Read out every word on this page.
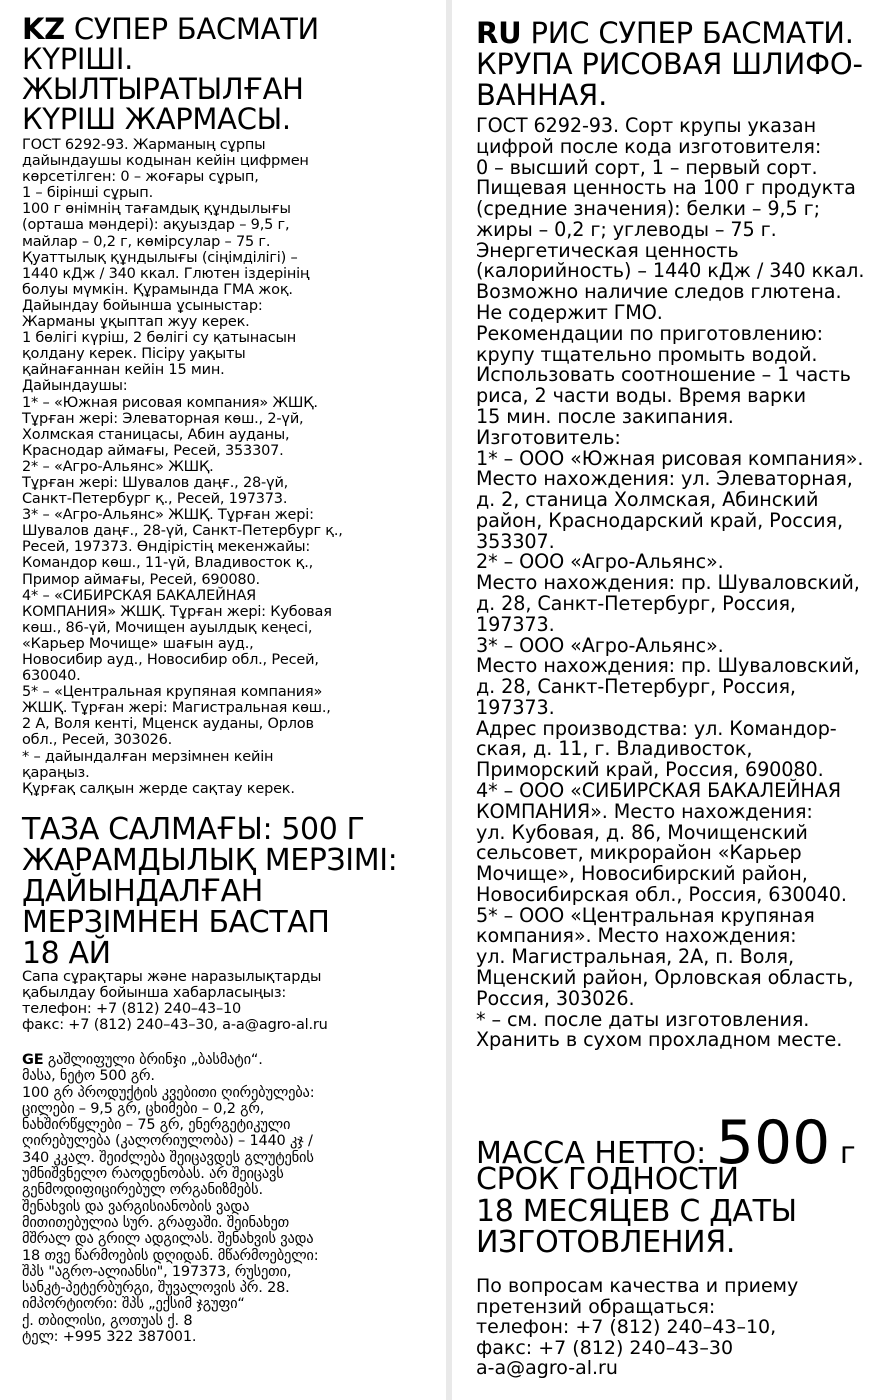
KZ СУПЕР БАСМАТИ
КҮРІШІ.
ЖЫЛТЫРАТЫЛҒАН
КҮРІШ ЖАРМАСЫ.
ГОСТ 6292-93. Жарманың сұрпы
дайындаушы кодынан кейін цифрмен
көрсетілген: 0 – жоғары сұрып,
1 – бірінші сұрып.
100 г өнімнің тағамдық құндылығы
(орташа мәндері): ақуыздар – 9,5 г,
майлар – 0,2 г, көмірсулар – 75 г.
Қуаттылық құндылығы (сіңімділігі) –
1440 кДж / 340 ккал. Глютен іздерінің
болуы мүмкін. Құрамында ГМА жоқ.
Дайындау бойынша ұсыныстар:
Жарманы ұқыптап жуу керек.
1 бөлігі күріш, 2 бөлігі су қатынасын
қолдану керек. Пісіру уақыты
қайнағаннан кейін 15 мин.
Дайындаушы:
1* – «Южная рисовая компания» ЖШҚ.
Тұрған жері: Элеваторная көш., 2-үй,
Холмская станицасы, Абин ауданы,
Краснодар аймағы, Ресей, 353307.
2* – «Агро-Альянс» ЖШҚ.
Тұрған жері: Шувалов даңғ., 28-үй,
Санкт-Петербург қ., Ресей, 197373.
3* – «Агро-Альянс» ЖШҚ. Тұрған жері:
Шувалов даңғ., 28-үй, Санкт-Петербург қ.,
Ресей, 197373. Өндірістің мекенжайы:
Командор көш., 11-үй, Владивосток қ.,
Примор аймағы, Ресей, 690080.
4* – «СИБИРСКАЯ БАКАЛЕЙНАЯ
КОМПАНИЯ» ЖШҚ. Тұрған жері: Кубовая
көш., 86-үй, Мочищен ауылдық кеңесі,
«Карьер Мочище» шағын ауд.,
Новосибир ауд., Новосибир обл., Ресей,
630040.
5* – «Центральная крупяная компания»
ЖШҚ. Тұрған жері: Магистральная көш.,
2 А, Воля кенті, Мценск ауданы, Орлов
обл., Ресей, 303026.
* – дайындалған мерзімнен кейін
қараңыз.
Құрғақ салқын жерде сақтау керек.
ТАЗА САЛМАҒЫ: 500 Г
ЖАРАМДЫЛЫҚ МЕРЗІМІ:
ДАЙЫНДАЛҒАН
МЕРЗІМНЕН БАСТАП
18 АЙ
Сапа сұрақтары және наразылықтарды
қабылдау бойынша хабарласыңыз:
телефон: +7 (812) 240–43–10
факс: +7 (812) 240–43–30, а-а@agro-al.ru
GE გაშლიფული ბრინჯი „ბასმატი“.
მასა, ნეტო 500 გრ.
100 გრ პროდუქტის კვებითი ღირებულება:
ცილები – 9,5 გრ, ცხიმები – 0,2 გრ,
ნახშირწყლები – 75 გრ, ენერგეტიკული
ღირებულება (კალორიულობა) – 1440 კჯ /
340 კკალ. შეიძლება შეიცავდეს გლუტენის
უმნიშვნელო რაოდენობას. არ შეიცავს
გენმოდიფიცირებულ ორგანიზმებს.
შენახვის და ვარგისიანობის ვადა
მითითებულია სურ. გრაფაში. შეინახეთ
მშრალ და გრილ ადგილას. შენახვის ვადა
18 თვე წარმოების დღიდან. მწარმოებელი:
შპს "აგრო-ალიანსი", 197373, რუსეთი,
სანკტ-პეტერბურგი, შუვალოვის პრ. 28.
იმპორტიორი: შპს „ექსიმ ჯგუფი“
ქ. თბილისი, გოთუას ქ. 8
ტელ: +995 322 387001.
RU РИС СУПЕР БАСМАТИ.
КРУПА РИСОВАЯ ШЛИФО-
ВАННАЯ.
ГОСТ 6292-93. Сорт крупы указан
цифрой после кода изготовителя:
0 – высший сорт, 1 – первый сорт.
Пищевая ценность на 100 г продукта
(средние значения): белки – 9,5 г;
жиры – 0,2 г; углеводы – 75 г.
Энергетическая ценность
(калорийность) – 1440 кДж / 340 ккал.
Возможно наличие следов глютена.
Не содержит ГМО.
Рекомендации по приготовлению:
крупу тщательно промыть водой.
Использовать соотношение – 1 часть
риса, 2 части воды. Время варки
15 мин. после закипания.
Изготовитель:
1* – ООО «Южная рисовая компания».
Место нахождения: ул. Элеваторная,
д. 2, станица Холмская, Абинский
район, Краснодарский край, Россия,
353307.
2* – ООО «Агро-Альянс».
Место нахождения: пр. Шуваловский,
д. 28, Санкт-Петербург, Россия,
197373.
3* – ООО «Агро-Альянс».
Место нахождения: пр. Шуваловский,
д. 28, Санкт-Петербург, Россия,
197373.
Адрес производства: ул. Командор-
ская, д. 11, г. Владивосток,
Приморский край, Россия, 690080.
4* – ООО «СИБИРСКАЯ БАКАЛЕЙНАЯ
КОМПАНИЯ». Место нахождения:
ул. Кубовая, д. 86, Мочищенский
сельсовет, микрорайон «Карьер
Мочище», Новосибирский район,
Новосибирская обл., Россия, 630040.
5* – ООО «Центральная крупяная
компания». Место нахождения:
ул. Магистральная, 2А, п. Воля,
Мценский район, Орловская область,
Россия, 303026.
* – см. после даты изготовления.
Хранить в сухом прохладном месте.
МАССА НЕТТО: 500 г
СРОК ГОДНОСТИ
18 МЕСЯЦЕВ С ДАТЫ
ИЗГОТОВЛЕНИЯ.
По вопросам качества и приему
претензий обращаться:
телефон: +7 (812) 240–43–10,
факс: +7 (812) 240–43–30
а-а@agro-al.ru
